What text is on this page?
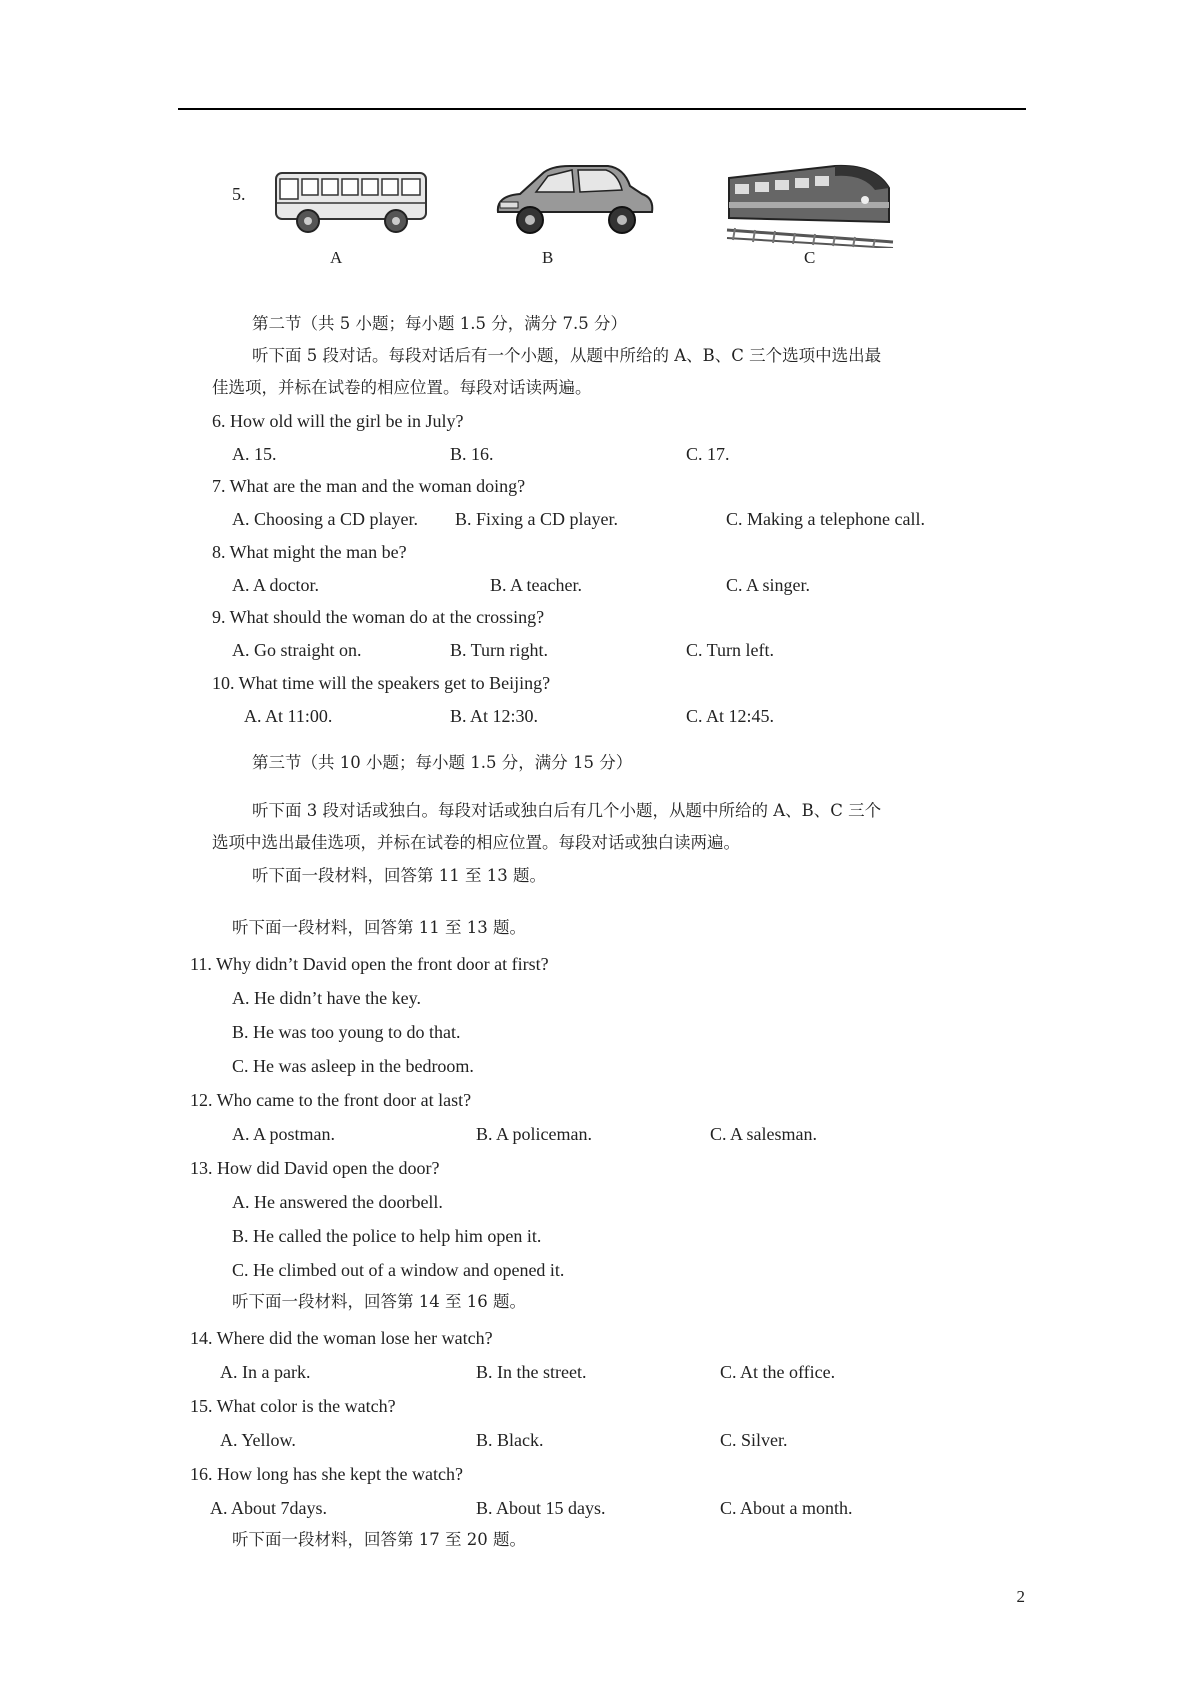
5.
A	B	C
第二节（共 5 小题；每小题 1.5 分，满分 7.5 分）
听下面 5 段对话。每段对话后有一个小题，从题中所给的 A、B、C 三个选项中选出最
佳选项，并标在试卷的相应位置。每段对话读两遍。
6. How old will the girl be in July?
A. 15.	B. 16.	C. 17.
7. What are the man and the woman doing?
A. Choosing a CD player. B. Fixing a CD player.	C. Making a telephone call.
8. What might the man be?
A. A doctor.	B. A teacher.	C. A singer.
9. What should the woman do at the crossing?
A. Go straight on.	B. Turn right.	C. Turn left.
10. What time will the speakers get to Beijing?
A. At 11:00.	B. At 12:30.	C. At 12:45.
第三节（共 10 小题；每小题 1.5 分，满分 15 分）
听下面 3 段对话或独白。每段对话或独白后有几个小题，从题中所给的 A、B、C 三个
选项中选出最佳选项，并标在试卷的相应位置。每段对话或独白读两遍。
听下面一段材料，回答第 11 至 13 题。
听下面一段材料，回答第 11 至 13 题。
11. Why didn’t David open the front door at first?
A. He didn’t have the key.
B. He was too young to do that.
C. He was asleep in the bedroom.
12. Who came to the front door at last?
A. A postman.	B. A policeman.	C. A salesman.
13. How did David open the door?
A. He answered the doorbell.
B. He called the police to help him open it.
C. He climbed out of a window and opened it.
听下面一段材料，回答第 14 至 16 题。
14. Where did the woman lose her watch?
A. In a park.	B. In the street.	C. At the office.
15. What color is the watch?
A. Yellow.	B. Black.	C. Silver.
16. How long has she kept the watch?
A. About 7days.	B. About 15 days.	C. About a month.
听下面一段材料，回答第 17 至 20 题。
2
